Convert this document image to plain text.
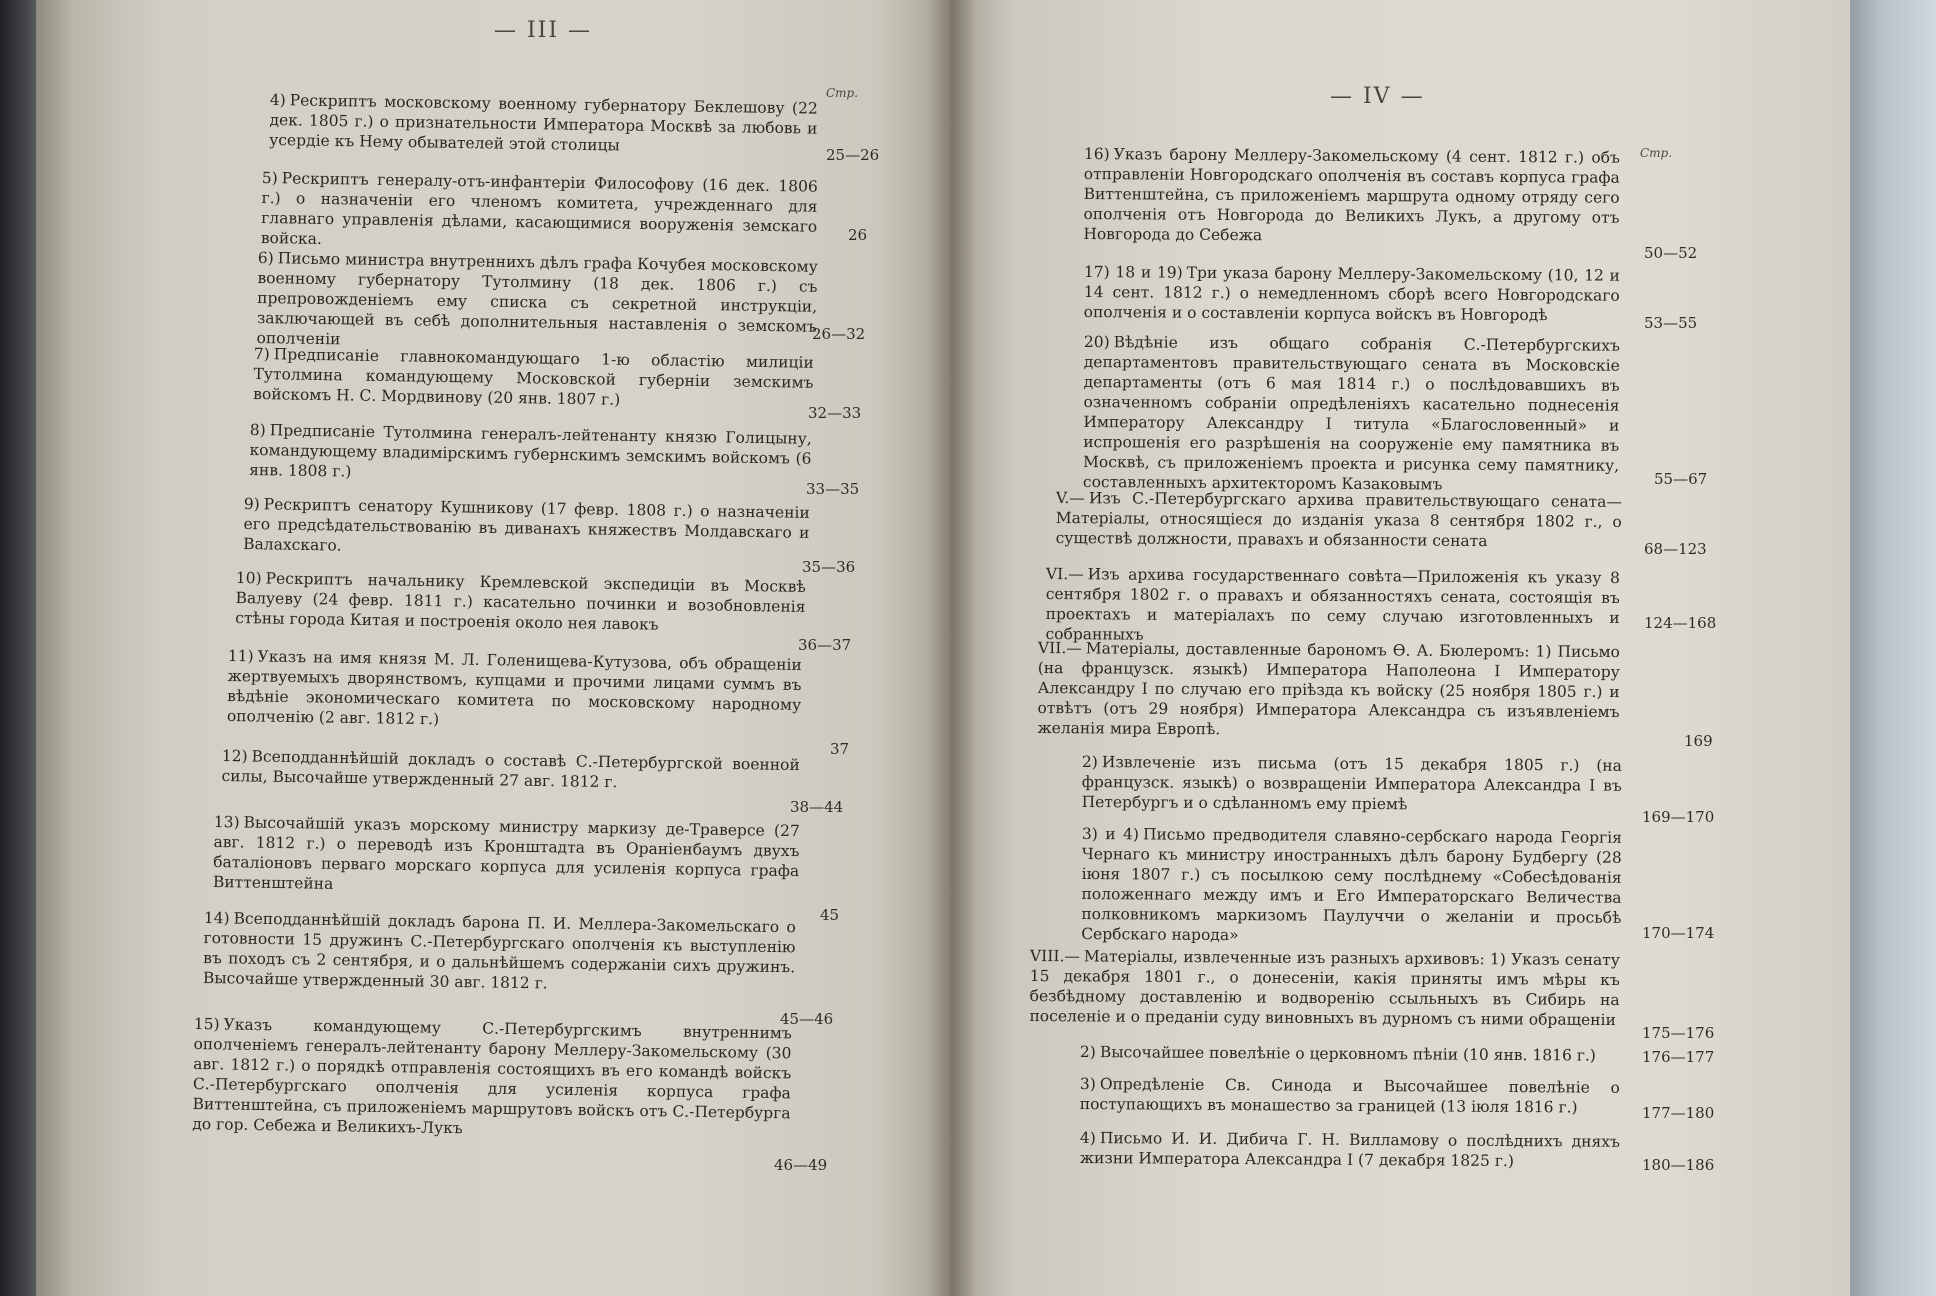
— III —
Стр.
4) Рескриптъ московскому военному губернатору Беклешову (22 дек. 1805 г.) о признательности Императора Москвѣ за любовь и усердіе къ Нему обывателей этой столицы
25—26
5) Рескриптъ генералу-отъ-инфантеріи Философову (16 дек. 1806 г.) о назначеніи его членомъ комитета, учрежденнаго для главнаго управленія дѣлами, касающимися вооруженія земскаго войска.	26
6) Письмо министра внутреннихъ дѣлъ графа Кочубея московскому военному губернатору Тутолмину (18 дек. 1806 г.) съ препровожденіемъ ему списка съ секретной инструкціи, заключающей въ себѣ дополнительныя наставленія о земскомъ ополченіи	26—32
7) Предписаніе главнокомандующаго 1-ю областію милиціи Тутолмина командующему Московской губерніи земскимъ войскомъ Н. С. Мордвинову (20 янв. 1807 г.)
32—33
8) Предписаніе Тутолмина генералъ-лейтенанту князю Голицыну, командующему владимірскимъ губернскимъ земскимъ войскомъ (6 янв. 1808 г.)
33—35
9) Рескриптъ сенатору Кушникову (17 февр. 1808 г.) о назначеніи его предсѣдательствованію въ диванахъ княжествъ Молдавскаго и Валахскаго.
35—36
10) Рескриптъ начальнику Кремлевской экспедиціи въ Москвѣ Валуеву (24 февр. 1811 г.) касательно починки и возобновленія стѣны города Китая и построенія около нея лавокъ
36—37
11) Указъ на имя князя М. Л. Голенищева-Кутузова, объ обращеніи жертвуемыхъ дворянствомъ, купцами и прочими лицами суммъ въ вѣдѣніе экономическаго комитета по московскому народному ополченію (2 авг. 1812 г.)
37
12) Всеподданнѣйшій докладъ о составѣ С.-Петербургской военной силы, Высочайше утвержденный 27 авг. 1812 г.
38—44
13) Высочайшій указъ морскому министру маркизу де-Траверсе (27 авг. 1812 г.) о переводѣ изъ Кронштадта въ Ораніенбаумъ двухъ баталіоновъ перваго морскаго корпуса для усиленія корпуса графа Виттенштейна
45
14) Всеподданнѣйшій докладъ барона П. И. Меллера-Закомельскаго о готовности 15 дружинъ С.-Петербургскаго ополченія къ выступленію въ походъ съ 2 сентября, и о дальнѣйшемъ содержаніи сихъ дружинъ. Высочайше утвержденный 30 авг. 1812 г.
45—46
15) Указъ командующему С.-Петербургскимъ внутреннимъ ополченіемъ генералъ-лейтенанту барону Меллеру-Закомельскому (30 авг. 1812 г.) о порядкѣ отправленія состоящихъ въ его командѣ войскъ С.-Петербургскаго ополченія для усиленія корпуса графа Виттенштейна, съ приложеніемъ маршрутовъ войскъ отъ С.-Петербурга до гор. Себежа и Великихъ-Лукъ
46—49
— IV —
Стр.
16) Указъ барону Меллеру-Закомельскому (4 сент. 1812 г.) объ отправленіи Новгородскаго ополченія въ составъ корпуса графа Виттенштейна, съ приложеніемъ маршрута одному отряду сего ополченія отъ Новгорода до Великихъ Лукъ, а другому отъ Новгорода до Себежа
50—52
17) 18 и 19) Три указа барону Меллеру-Закомельскому (10, 12 и 14 сент. 1812 г.) о немедленномъ сборѣ всего Новгородскаго ополченія и о составленіи корпуса войскъ въ Новгородѣ	53—55
20) Вѣдѣніе изъ общаго собранія С.-Петербургскихъ департаментовъ правительствующаго сената въ Московскіе департаменты (отъ 6 мая 1814 г.) о послѣдовавшихъ въ означенномъ собраніи опредѣленіяхъ касательно поднесенія Императору Александру I титула «Благословенный» и испрошенія его разрѣшенія на сооруженіе ему памятника въ Москвѣ, съ приложеніемъ проекта и рисунка сему памятнику, составленныхъ архитекторомъ Казаковымъ	55—67
V.— Изъ С.-Петербургскаго архива правительствующаго сената—Матеріалы, относящіеся до изданія указа 8 сентября 1802 г., о существѣ должности, правахъ и обязанности сената	68—123
VI.— Изъ архива государственнаго совѣта—Приложенія къ указу 8 сентября 1802 г. о правахъ и обязанностяхъ сената, состоящія въ проектахъ и матеріалахъ по сему случаю изготовленныхъ и собранныхъ
124—168
VII.— Матеріалы, доставленные барономъ Ѳ. А. Бюлеромъ: 1) Письмо (на французск. языкѣ) Императора Наполеона I Императору Александру I по случаю его пріѣзда къ войску (25 ноября 1805 г.) и отвѣтъ (отъ 29 ноября) Императора Александра съ изъявленіемъ желанія мира Европѣ.
169
2) Извлеченіе изъ письма (отъ 15 декабря 1805 г.) (на французск. языкѣ) о возвращеніи Императора Александра I въ Петербургъ и о сдѣланномъ ему пріемѣ
169—170
3) и 4) Письмо предводителя славяно-сербскаго народа Георгія Чернаго къ министру иностранныхъ дѣлъ барону Будбергу (28 іюня 1807 г.) съ посылкою сему послѣднему «Собесѣдованія положеннаго между имъ и Его Императорскаго Величества полковникомъ маркизомъ Паулуччи о желаніи и просьбѣ Сербскаго народа»	170—174
VIII.— Матеріалы, извлеченные изъ разныхъ архивовъ: 1) Указъ сенату 15 декабря 1801 г., о донесеніи, какія приняты имъ мѣры къ безбѣдному доставленію и водворенію ссыльныхъ въ Сибирь на поселеніе и о преданіи суду виновныхъ въ дурномъ съ ними обращеніи
175—176
2) Высочайшее повелѣніе о церковномъ пѣніи (10 янв. 1816 г.)	176—177
3) Опредѣленіе Св. Синода и Высочайшее повелѣніе о поступающихъ въ монашество за границей (13 іюля 1816 г.)	177—180
4) Письмо И. И. Дибича Г. Н. Вилламову о послѣднихъ дняхъ жизни Императора Александра I (7 декабря 1825 г.)	180—186
